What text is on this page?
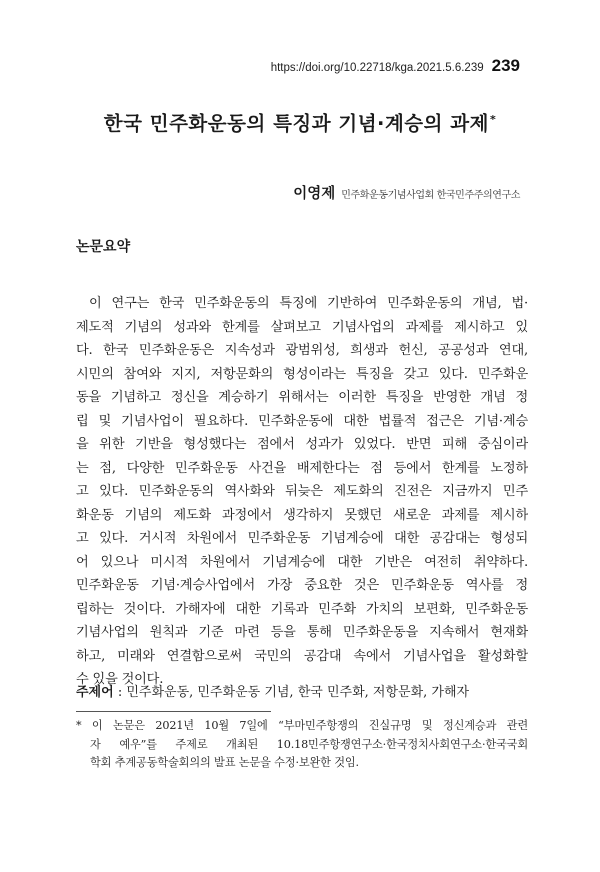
https://doi.org/10.22718/kga.2021.5.6.239 239
한국 민주화운동의 특징과 기념·계승의 과제*
이영제 민주화운동기념사업회 한국민주주의연구소
논문요약
이 연구는 한국 민주화운동의 특징에 기반하여 민주화운동의 개념, 법·
제도적 기념의 성과와 한계를 살펴보고 기념사업의 과제를 제시하고 있
다. 한국 민주화운동은 지속성과 광범위성, 희생과 헌신, 공공성과 연대,
시민의 참여와 지지, 저항문화의 형성이라는 특징을 갖고 있다. 민주화운
동을 기념하고 정신을 계승하기 위해서는 이러한 특징을 반영한 개념 정
립 및 기념사업이 필요하다. 민주화운동에 대한 법률적 접근은 기념·계승
을 위한 기반을 형성했다는 점에서 성과가 있었다. 반면 피해 중심이라
는 점, 다양한 민주화운동 사건을 배제한다는 점 등에서 한계를 노정하
고 있다. 민주화운동의 역사화와 뒤늦은 제도화의 진전은 지금까지 민주
화운동 기념의 제도화 과정에서 생각하지 못했던 새로운 과제를 제시하
고 있다. 거시적 차원에서 민주화운동 기념계승에 대한 공감대는 형성되
어 있으나 미시적 차원에서 기념계승에 대한 기반은 여전히 취약하다.
민주화운동 기념·계승사업에서 가장 중요한 것은 민주화운동 역사를 정
립하는 것이다. 가해자에 대한 기록과 민주화 가치의 보편화, 민주화운동
기념사업의 원칙과 기준 마련 등을 통해 민주화운동을 지속해서 현재화
하고, 미래와 연결함으로써 국민의 공감대 속에서 기념사업을 활성화할
수 있을 것이다.
주제어 : 민주화운동, 민주화운동 기념, 한국 민주화, 저항문화, 가해자
* 이 논문은 2021년 10월 7일에 “부마민주항쟁의 진실규명 및 정신계승과 관련
자 예우”를 주제로 개최된 10.18민주항쟁연구소·한국정치사회연구소·한국국회
학회 추계공동학술회의의 발표 논문을 수정·보완한 것임.
